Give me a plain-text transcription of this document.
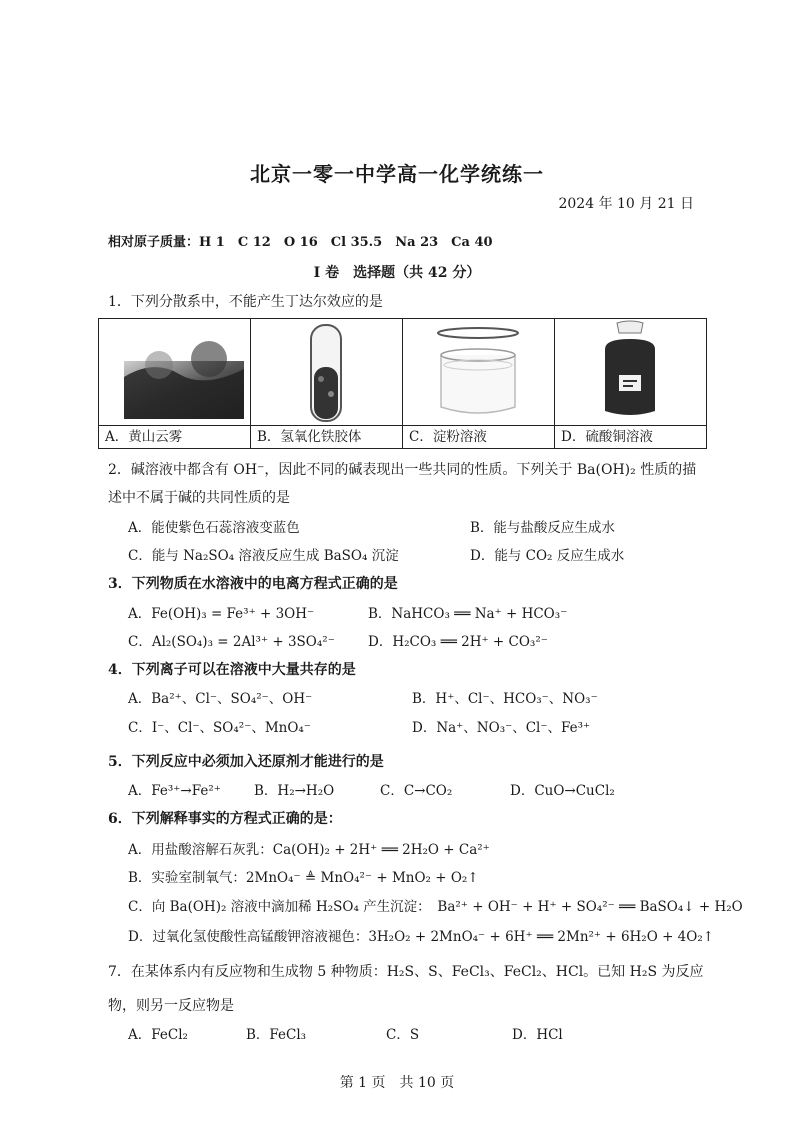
北京一零一中学高一化学统练一
2024 年 10 月 21 日
相对原子质量：H 1　C 12　O 16　Cl 35.5　Na 23　Ca 40
I 卷　选择题（共 42 分）
1．下列分散系中，不能产生丁达尔效应的是
A．黄山云雾	B．氢氧化铁胶体	C．淀粉溶液	D．硫酸铜溶液
2．碱溶液中都含有 OH⁻，因此不同的碱表现出一些共同的性质。下列关于 Ba(OH)₂ 性质的描
述中不属于碱的共同性质的是
A．能使紫色石蕊溶液变蓝色	B．能与盐酸反应生成水
C．能与 Na₂SO₄ 溶液反应生成 BaSO₄ 沉淀	D．能与 CO₂ 反应生成水
3．下列物质在水溶液中的电离方程式正确的是
A．Fe(OH)₃ = Fe³⁺ + 3OH⁻	B．NaHCO₃ ══ Na⁺ + HCO₃⁻
C．Al₂(SO₄)₃ = 2Al³⁺ + 3SO₄²⁻ D．H₂CO₃ ══ 2H⁺ + CO₃²⁻
4．下列离子可以在溶液中大量共存的是
A．Ba²⁺、Cl⁻、SO₄²⁻、OH⁻	B．H⁺、Cl⁻、HCO₃⁻、NO₃⁻
C．I⁻、Cl⁻、SO₄²⁻、MnO₄⁻	D．Na⁺、NO₃⁻、Cl⁻、Fe³⁺
5．下列反应中必须加入还原剂才能进行的是
A．Fe³⁺→Fe²⁺ B．H₂→H₂O	C．C→CO₂	D．CuO→CuCl₂
6．下列解释事实的方程式正确的是：
A．用盐酸溶解石灰乳：Ca(OH)₂ + 2H⁺ ══ 2H₂O + Ca²⁺
B．实验室制氧气：2MnO₄⁻ ≜ MnO₄²⁻ + MnO₂ + O₂↑
C．向 Ba(OH)₂ 溶液中滴加稀 H₂SO₄ 产生沉淀：　Ba²⁺ + OH⁻ + H⁺ + SO₄²⁻ ══ BaSO₄↓ + H₂O
D．过氧化氢使酸性高锰酸钾溶液褪色：3H₂O₂ + 2MnO₄⁻ + 6H⁺ ══ 2Mn²⁺ + 6H₂O + 4O₂↑
7．在某体系内有反应物和生成物 5 种物质：H₂S、S、FeCl₃、FeCl₂、HCl。已知 H₂S 为反应
物，则另一反应物是
A．FeCl₂	B．FeCl₃	C．S	D．HCl
第 1 页　共 10 页
